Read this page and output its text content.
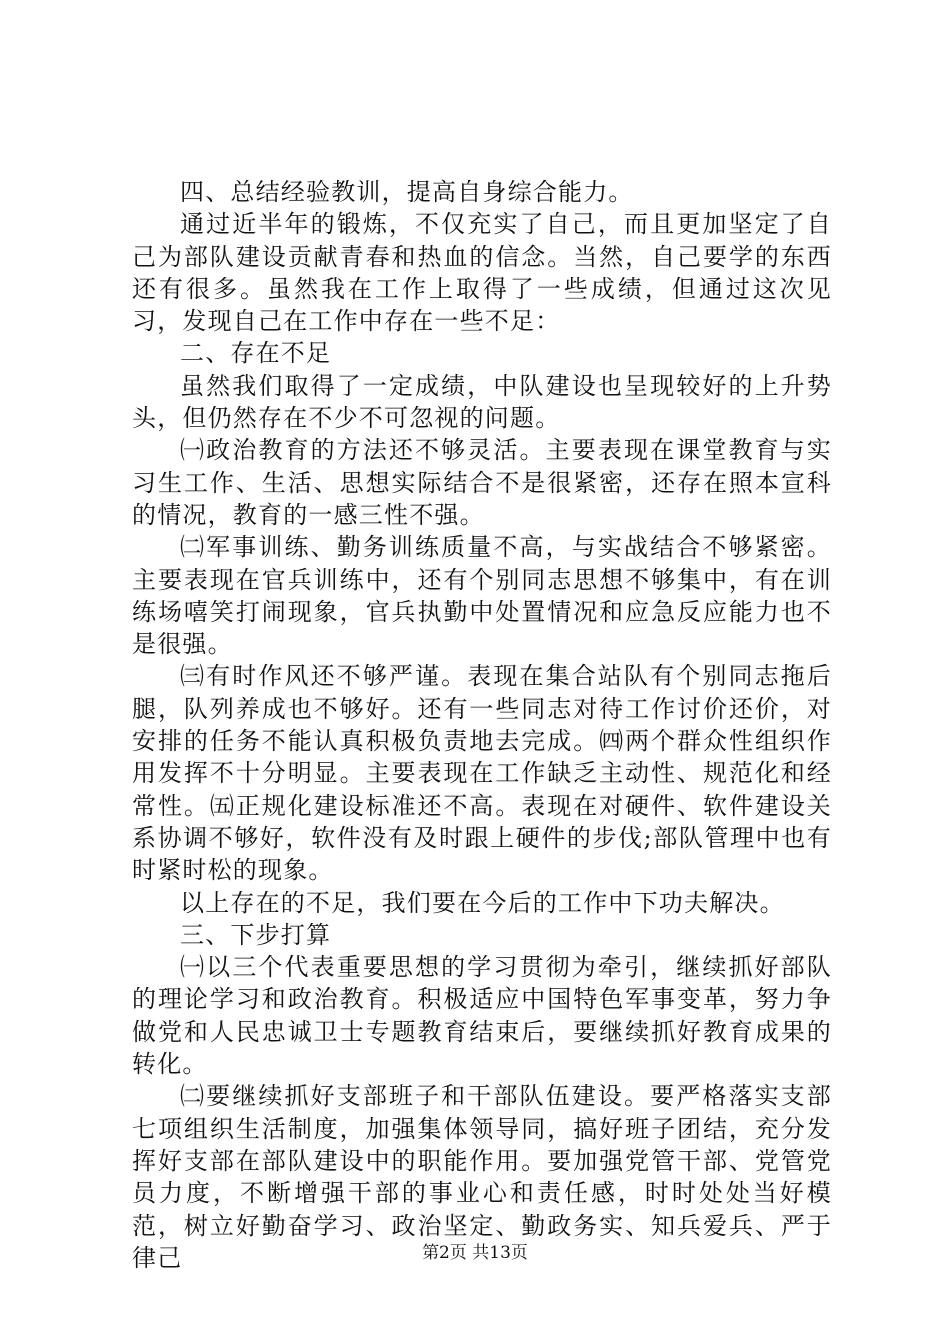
四、总结经验教训，提高自身综合能力。

通过近半年的锻炼，不仅充实了自己，而且更加坚定了自己为部队建设贡献青春和热血的信念。当然，自己要学的东西还有很多。虽然我在工作上取得了一些成绩，但通过这次见习，发现自己在工作中存在一些不足：

二、存在不足

虽然我们取得了一定成绩，中队建设也呈现较好的上升势头，但仍然存在不少不可忽视的问题。

㈠政治教育的方法还不够灵活。主要表现在课堂教育与实习生工作、生活、思想实际结合不是很紧密，还存在照本宣科的情况，教育的一感三性不强。

㈡军事训练、勤务训练质量不高，与实战结合不够紧密。主要表现在官兵训练中，还有个别同志思想不够集中，有在训练场嘻笑打闹现象，官兵执勤中处置情况和应急反应能力也不是很强。

㈢有时作风还不够严谨。表现在集合站队有个别同志拖后腿，队列养成也不够好。还有一些同志对待工作讨价还价，对安排的任务不能认真积极负责地去完成。㈣两个群众性组织作用发挥不十分明显。主要表现在工作缺乏主动性、规范化和经常性。㈤正规化建设标准还不高。表现在对硬件、软件建设关系协调不够好，软件没有及时跟上硬件的步伐;部队管理中也有时紧时松的现象。

以上存在的不足，我们要在今后的工作中下功夫解决。

三、下步打算

㈠以三个代表重要思想的学习贯彻为牵引，继续抓好部队的理论学习和政治教育。积极适应中国特色军事变革，努力争做党和人民忠诚卫士专题教育结束后，要继续抓好教育成果的转化。

㈡要继续抓好支部班子和干部队伍建设。要严格落实支部七项组织生活制度，加强集体领导同，搞好班子团结，充分发挥好支部在部队建设中的职能作用。要加强党管干部、党管党员力度，不断增强干部的事业心和责任感，时时处处当好模范，树立好勤奋学习、政治坚定、勤政务实、知兵爱兵、严于律己	第2页 共13页
